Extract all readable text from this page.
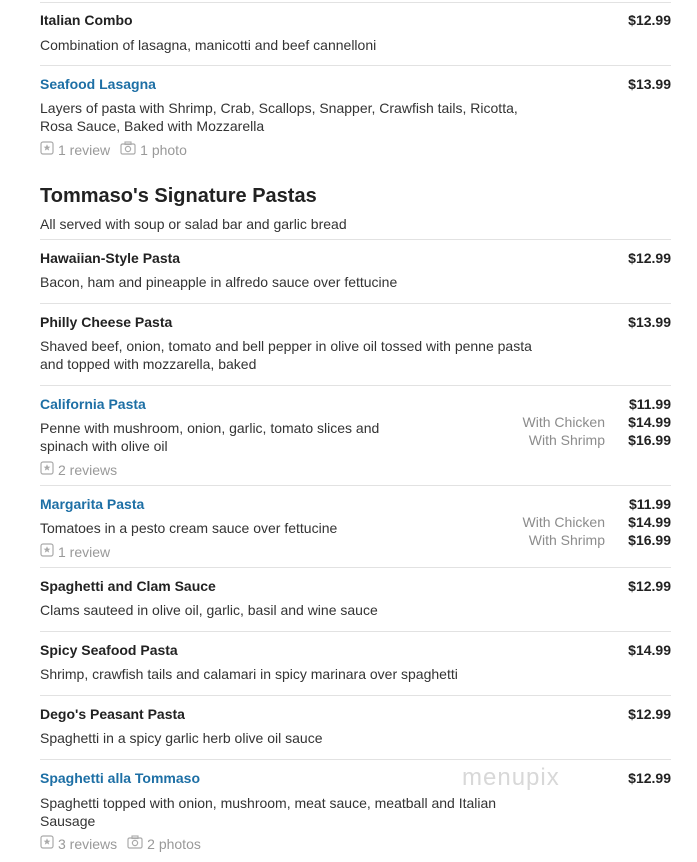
Italian Combo	$12.99
Combination of lasagna, manicotti and beef cannelloni
Seafood Lasagna	$13.99
Layers of pasta with Shrimp, Crab, Scallops, Snapper, Crawfish tails, Ricotta, Rosa Sauce, Baked with Mozzarella
1 review 1 photo
Tommaso's Signature Pastas
All served with soup or salad bar and garlic bread
Hawaiian-Style Pasta	$12.99
Bacon, ham and pineapple in alfredo sauce over fettucine
Philly Cheese Pasta	$13.99
Shaved beef, onion, tomato and bell pepper in olive oil tossed with penne pasta and topped with mozzarella, baked
California Pasta	$11.99
With Chicken $14.99
With Shrimp $16.99
Penne with mushroom, onion, garlic, tomato slices and spinach with olive oil
2 reviews
Margarita Pasta	$11.99
With Chicken $14.99
With Shrimp $16.99
Tomatoes in a pesto cream sauce over fettucine
1 review
Spaghetti and Clam Sauce	$12.99
Clams sauteed in olive oil, garlic, basil and wine sauce
Spicy Seafood Pasta	$14.99
Shrimp, crawfish tails and calamari in spicy marinara over spaghetti
Dego's Peasant Pasta	$12.99
Spaghetti in a spicy garlic herb olive oil sauce
Spaghetti alla Tommaso	$12.99
Spaghetti topped with onion, mushroom, meat sauce, meatball and Italian Sausage
3 reviews 2 photos
menupix
